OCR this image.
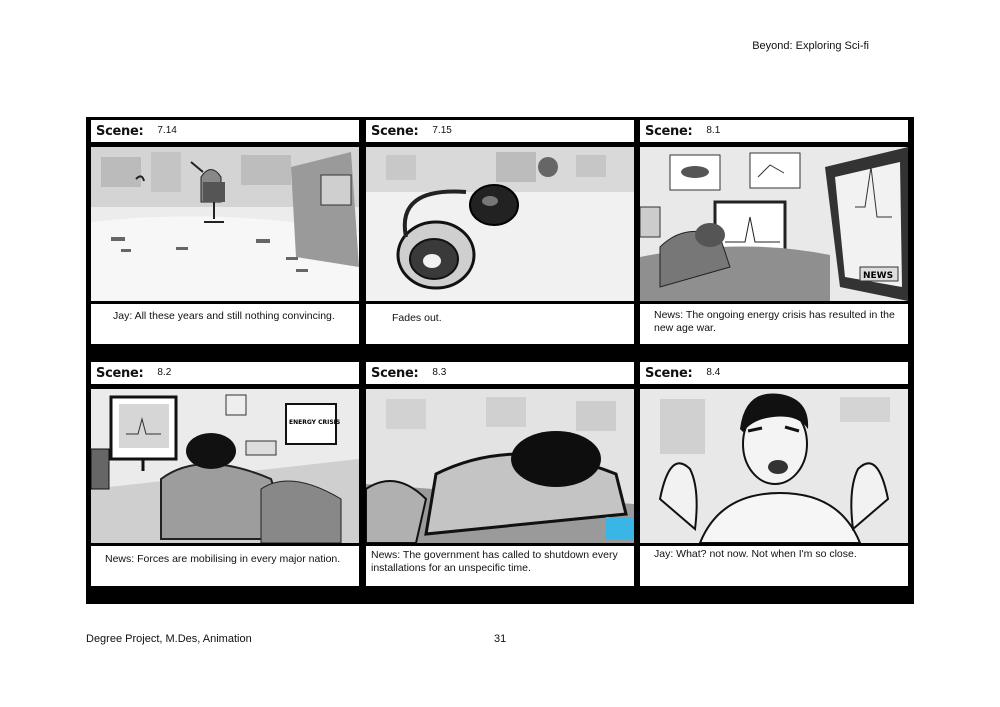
Beyond: Exploring Sci-fi
Scene: 7.14
Jay: All these years and still nothing convincing.
Scene: 7.15
Fades out.
Scene: 8.1
NEWS
News: The ongoing energy crisis has resulted in the new age war.
Scene: 8.2
ENERGY CRISIS
News: Forces are mobilising in every major nation.
Scene: 8.3
News: The government has called to shutdown every installations for an unspecific time.
Scene: 8.4
Jay: What? not now. Not when I'm so close.
Degree Project, M.Des, Animation	31
